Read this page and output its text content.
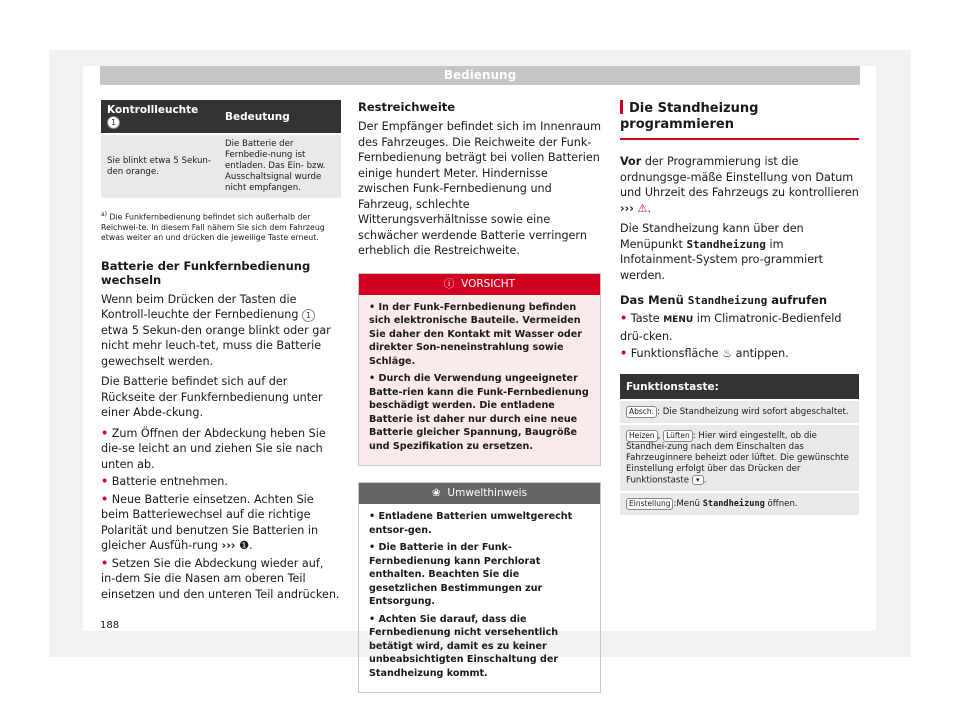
Bedienung
Kontrollleuchte 1	Bedeutung
Sie blinkt etwa 5 Sekun-den orange.	Die Batterie der Fernbedie-nung ist entladen. Das Ein- bzw. Ausschaltsignal wurde nicht empfangen.
$^{a)}$ Die Funkfernbedienung befindet sich außerhalb der Reichwei-te. In diesem Fall nähern Sie sich dem Fahrzeug etwas weiter an und drücken die jeweilige Taste erneut.
Batterie der Funkfernbedienung wechseln

Wenn beim Drücken der Tasten die Kontroll-leuchte der Fernbedienung 1 etwa 5 Sekun-den orange blinkt oder gar nicht mehr leuch-tet, muss die Batterie gewechselt werden.

Die Batterie befindet sich auf der Rückseite der Funkfernbedienung unter einer Abde-ckung.

• Zum Öffnen der Abdeckung heben Sie die-se leicht an und ziehen Sie sie nach unten ab.

• Batterie entnehmen.

• Neue Batterie einsetzen. Achten Sie beim Batteriewechsel auf die richtige Polarität und benutzen Sie Batterien in gleicher Ausfüh-rung ››› ❶.

• Setzen Sie die Abdeckung wieder auf, in-dem Sie die Nasen am oberen Teil einsetzen und den unteren Teil andrücken.

Restreichweite

Der Empfänger befindet sich im Innenraum des Fahrzeuges. Die Reichweite der Funk-Fernbedienung beträgt bei vollen Batterien einige hundert Meter. Hindernisse zwischen Funk-Fernbedienung und Fahrzeug, schlechte Witterungsverhältnisse sowie eine schwächer werdende Batterie verringern erheblich die Restreichweite.

ⓘ VORSICHT

• In der Funk-Fernbedienung befinden sich elektronische Bauteile. Vermeiden Sie daher den Kontakt mit Wasser oder direkter Son-neneinstrahlung sowie Schläge.

• Durch die Verwendung ungeeigneter Batte-rien kann die Funk-Fernbedienung beschädigt werden. Die entladene Batterie ist daher nur durch eine neue Batterie gleicher Spannung, Baugröße und Spezifikation zu ersetzen.

❀ Umwelthinweis

• Entladene Batterien umweltgerecht entsor-gen.

• Die Batterie in der Funk-Fernbedienung kann Perchlorat enthalten. Beachten Sie die gesetzlichen Bestimmungen zur Entsorgung.

• Achten Sie darauf, dass die Fernbedienung nicht versehentlich betätigt wird, damit es zu keiner unbeabsichtigten Einschaltung der Standheizung kommt.

Die Standheizung programmieren

Vor der Programmierung ist die ordnungsge-mäße Einstellung von Datum und Uhrzeit des Fahrzeugs zu kontrollieren ››› ⚠.

Die Standheizung kann über den Menüpunkt Standheizung im Infotainment-System pro-grammiert werden.

Das Menü Standheizung aufrufen

• Taste MENU im Climatronic-Bedienfeld drü-cken.

• Funktionsfläche ♨ antippen.

Funktionstaste:
Absch. : Die Standheizung wird sofort abgeschaltet.
Heizen , Lüften : Hier wird eingestellt, ob die Standhei-zung nach dem Einschalten das Fahrzeuginnere beheizt oder lüftet. Die gewünschte Einstellung erfolgt über das Drücken der Funktionstaste ▾ .
Einstellung :Menü Standheizung öffnen.
188
